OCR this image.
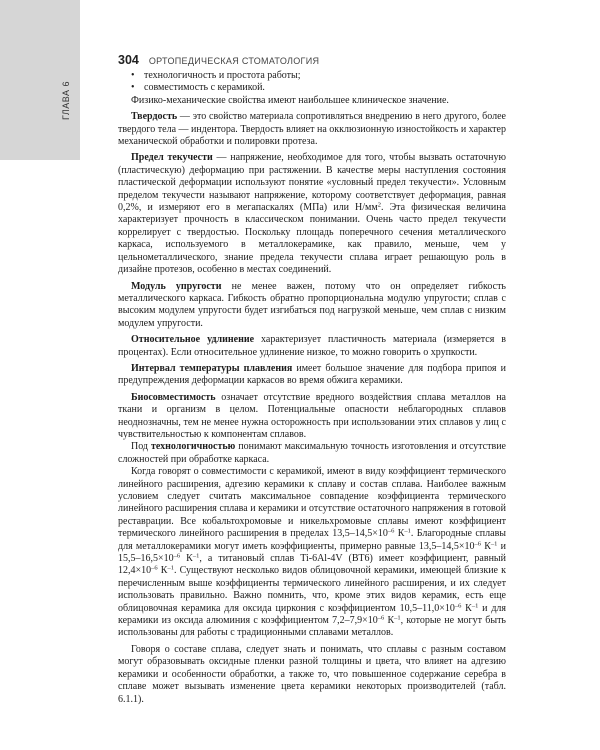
ГЛАВА 6
304 ОРТОПЕДИЧЕСКАЯ СТОМАТОЛОГИЯ
• технологичность и простота работы;
• совместимость с керамикой.

Физико-механические свойства имеют наибольшее клиническое значение.

Твердость — это свойство материала сопротивляться внедрению в него другого, более твердого тела — индентора. Твердость влияет на окклюзионную изностойкость и характер механической обработки и полировки протеза.

Предел текучести — напряжение, необходимое для того, чтобы вызвать остаточную (пластическую) деформацию при растяжении. В качестве меры наступления состояния пластической деформации используют понятие «условный предел текучести». Условным пределом текучести называют напряжение, которому соответствует деформация, равная 0,2%, и измеряют его в мегапаскалях (МПа) или $Н/мм^2$. Эта физическая величина характеризует прочность в классическом понимании. Очень часто предел текучести коррелирует с твердостью. Поскольку площадь поперечного сечения металлического каркаса, используемого в металлокерамике, как правило, меньше, чем у цельнометаллического, знание предела текучести сплава играет решающую роль в дизайне протезов, особенно в местах соединений.

Модуль упругости не менее важен, потому что он определяет гибкость металлического каркаса. Гибкость обратно пропорциональна модулю упругости; сплав с высоким модулем упругости будет изгибаться под нагрузкой меньше, чем сплав с низким модулем упругости.

Относительное удлинение характеризует пластичность материала (измеряется в процентах). Если относительное удлинение низкое, то можно говорить о хрупкости.

Интервал температуры плавления имеет большое значение для подбора припоя и предупреждения деформации каркасов во время обжига керамики.

Биосовместимость означает отсутствие вредного воздействия сплава металлов на ткани и организм в целом. Потенциальные опасности неблагородных сплавов неоднозначны, тем не менее нужна осторожность при использовании этих сплавов у лиц с чувствительностью к компонентам сплавов.

Под технологичностью понимают максимальную точность изготовления и отсутствие сложностей при обработке каркаса.

Когда говорят о совместимости с керамикой, имеют в виду коэффициент термического линейного расширения, адгезию керамики к сплаву и состав сплава. Наиболее важным условием следует считать максимальное совпадение коэффициента термического линейного расширения сплава и керамики и отсутствие остаточного напряжения в готовой реставрации. Все кобальтохромовые и никельхромовые сплавы имеют коэффициент термического линейного расширения в пределах $13,5-14,5\times 10^{-6}$ $К^{-1}$. Благородные сплавы для металлокерамики могут иметь коэффициенты, примерно равные $13,5-14,5\times 10^{-6}$ $К^{-1}$ и $15,5-16,5\times 10^{-6}$ $К^{-1}$, а титановый сплав Ti-6Al-4V (ВТ6) имеет коэффициент, равный $12,4\times 10^{-6}$ $К^{-1}$. Существуют несколько видов облицовочной керамики, имеющей близкие к перечисленным выше коэффициенты термического линейного расширения, и их следует использовать правильно. Важно помнить, что, кроме этих видов керамик, есть еще облицовочная керамика для оксида циркония с коэффициентом $10,5-11,0\times 10^{-6}$ $К^{-1}$ и для керамики из оксида алюминия с коэффициентом $7,2-7,9\times 10^{-6}$ $К^{-1}$, которые не могут быть использованы для работы с традиционными сплавами металлов.

Говоря о составе сплава, следует знать и понимать, что сплавы с разным составом могут образовывать оксидные пленки разной толщины и цвета, что влияет на адгезию керамики и особенности обработки, а также то, что повышенное содержание серебра в сплаве может вызывать изменение цвета керамики некоторых производителей (табл. 6.1.1).
